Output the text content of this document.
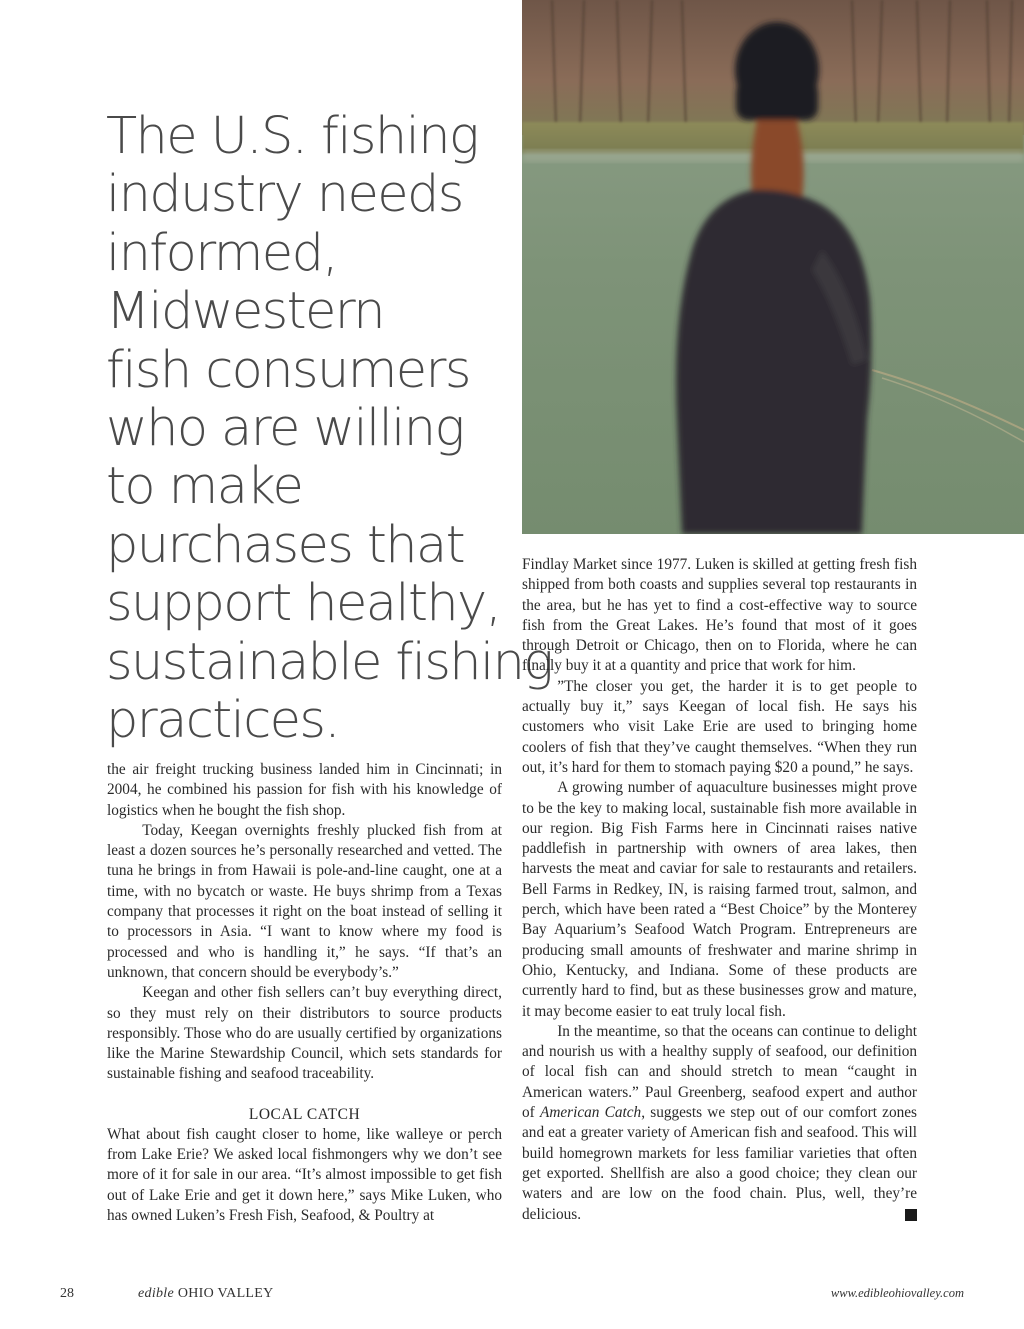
The U.S. fishing
industry needs
informed,
Midwestern
fish consumers
who are willing
to make
purchases that
support healthy,
sustainable fishing
practices.

the air freight trucking business landed him in Cincinnati; in 2004, he combined his passion for fish with his knowledge of logistics when he bought the fish shop.

Today, Keegan overnights freshly plucked fish from at least a dozen sources he’s personally researched and vetted. The tuna he brings in from Hawaii is pole-and-line caught, one at a time, with no bycatch or waste. He buys shrimp from a Texas company that processes it right on the boat instead of selling it to processors in Asia. “I want to know where my food is processed and who is handling it,” he says. “If that’s an unknown, that concern should be everybody’s.”

Keegan and other fish sellers can’t buy everything direct, so they must rely on their distributors to source products responsibly. Those who do are usually certified by organizations like the Marine Stewardship Council, which sets standards for sustainable fishing and seafood traceability.

LOCAL CATCH

What about fish caught closer to home, like walleye or perch from Lake Erie? We asked local fishmongers why we don’t see more of it for sale in our area. “It’s almost impossible to get fish out of Lake Erie and get it down here,” says Mike Luken, who has owned Luken’s Fresh Fish, Seafood, & Poultry at

Findlay Market since 1977. Luken is skilled at getting fresh fish shipped from both coasts and supplies several top restaurants in the area, but he has yet to find a cost-effective way to source fish from the Great Lakes. He’s found that most of it goes through Detroit or Chicago, then on to Florida, where he can finally buy it at a quantity and price that work for him.

”The closer you get, the harder it is to get people to actually buy it,” says Keegan of local fish. He says his customers who visit Lake Erie are used to bringing home coolers of fish that they’ve caught themselves. “When they run out, it’s hard for them to stomach paying $20 a pound,” he says.

A growing number of aquaculture businesses might prove to be the key to making local, sustainable fish more available in our region. Big Fish Farms here in Cincinnati raises native paddlefish in partnership with owners of area lakes, then harvests the meat and caviar for sale to restaurants and retailers. Bell Farms in Redkey, IN, is raising farmed trout, salmon, and perch, which have been rated a “Best Choice” by the Monterey Bay Aquarium’s Seafood Watch Program. Entrepreneurs are producing small amounts of freshwater and marine shrimp in Ohio, Kentucky, and Indiana. Some of these products are currently hard to find, but as these businesses grow and mature, it may become easier to eat truly local fish.

In the meantime, so that the oceans can continue to delight and nourish us with a healthy supply of seafood, our definition of local fish can and should stretch to mean “caught in American waters.” Paul Greenberg, seafood expert and author of American Catch, suggests we step out of our comfort zones and eat a greater variety of American fish and seafood. This will build homegrown markets for less familiar varieties that often get exported. Shellfish are also a good choice; they clean our waters and are low on the food chain. Plus, well, they’re delicious.

28	edible OHIO VALLEY	www.edibleohiovalley.com
